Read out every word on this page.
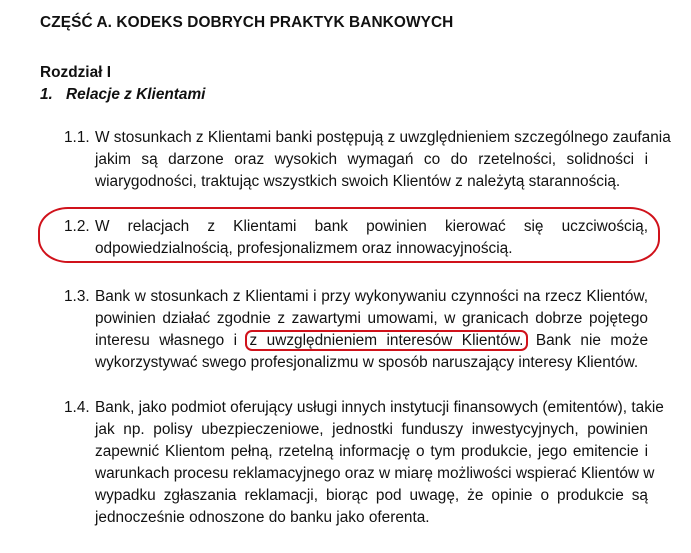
CZĘŚĆ A. KODEKS DOBRYCH PRAKTYK BANKOWYCH
Rozdział I
1. Relacje z Klientami
1.1. W stosunkach z Klientami banki postępują z uwzględnieniem szczególnego zaufania
jakim są darzone oraz wysokich wymagań co do rzetelności, solidności i
wiarygodności, traktując wszystkich swoich Klientów z należytą starannością.
1.2. W relacjach z Klientami bank powinien kierować się uczciwością,
odpowiedzialnością, profesjonalizmem oraz innowacyjnością.
1.3. Bank w stosunkach z Klientami i przy wykonywaniu czynności na rzecz Klientów,
powinien działać zgodnie z zawartymi umowami, w granicach dobrze pojętego
interesu własnego i z uwzględnieniem interesów Klientów. Bank nie może
wykorzystywać swego profesjonalizmu w sposób naruszający interesy Klientów.
1.4. Bank, jako podmiot oferujący usługi innych instytucji finansowych (emitentów), takie
jak np. polisy ubezpieczeniowe, jednostki funduszy inwestycyjnych, powinien
zapewnić Klientom pełną, rzetelną informację o tym produkcie, jego emitencie i
warunkach procesu reklamacyjnego oraz w miarę możliwości wspierać Klientów w
wypadku zgłaszania reklamacji, biorąc pod uwagę, że opinie o produkcie są
jednocześnie odnoszone do banku jako oferenta.
